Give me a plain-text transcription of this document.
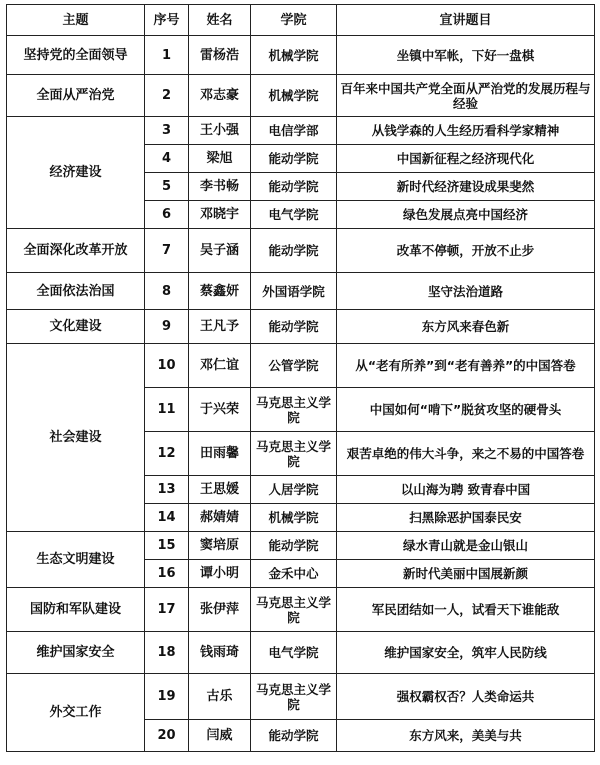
主题	序号	姓名	学院	宣讲题目
坚持党的全面领导	1	雷杨浩	机械学院	坐镇中军帐，下好一盘棋
全面从严治党	2	邓志豪	机械学院	百年来中国共产党全面从严治党的发展历程与经验
经济建设	3	王小强	电信学部	从钱学森的人生经历看科学家精神
	4	梁旭	能动学院	中国新征程之经济现代化
	5	李书畅	能动学院	新时代经济建设成果斐然
	6	邓晓宇	电气学院	绿色发展点亮中国经济
全面深化改革开放	7	吴子涵	能动学院	改革不停顿，开放不止步
全面依法治国	8	蔡鑫妍	外国语学院	坚守法治道路
文化建设	9	王凡予	能动学院	东方风来春色新
社会建设	10	邓仁谊	公管学院	从“老有所养”到“老有善养”的中国答卷
	11	于兴荣	马克思主义学院	中国如何“啃下”脱贫攻坚的硬骨头
	12	田雨馨	马克思主义学院	艰苦卓绝的伟大斗争，来之不易的中国答卷
	13	王思媛	人居学院	以山海为聘 致青春中国
	14	郝婧婧	机械学院	扫黑除恶护国泰民安
生态文明建设	15	窦培原	能动学院	绿水青山就是金山银山
	16	谭小明	金禾中心	新时代美丽中国展新颜
国防和军队建设	17	张伊萍	马克思主义学院	军民团结如一人，试看天下谁能敌
维护国家安全	18	钱雨琦	电气学院	维护国家安全，筑牢人民防线
外交工作	19	古乐	马克思主义学院	强权霸权否？人类命运共
	20	闫威	能动学院	东方风来，美美与共
